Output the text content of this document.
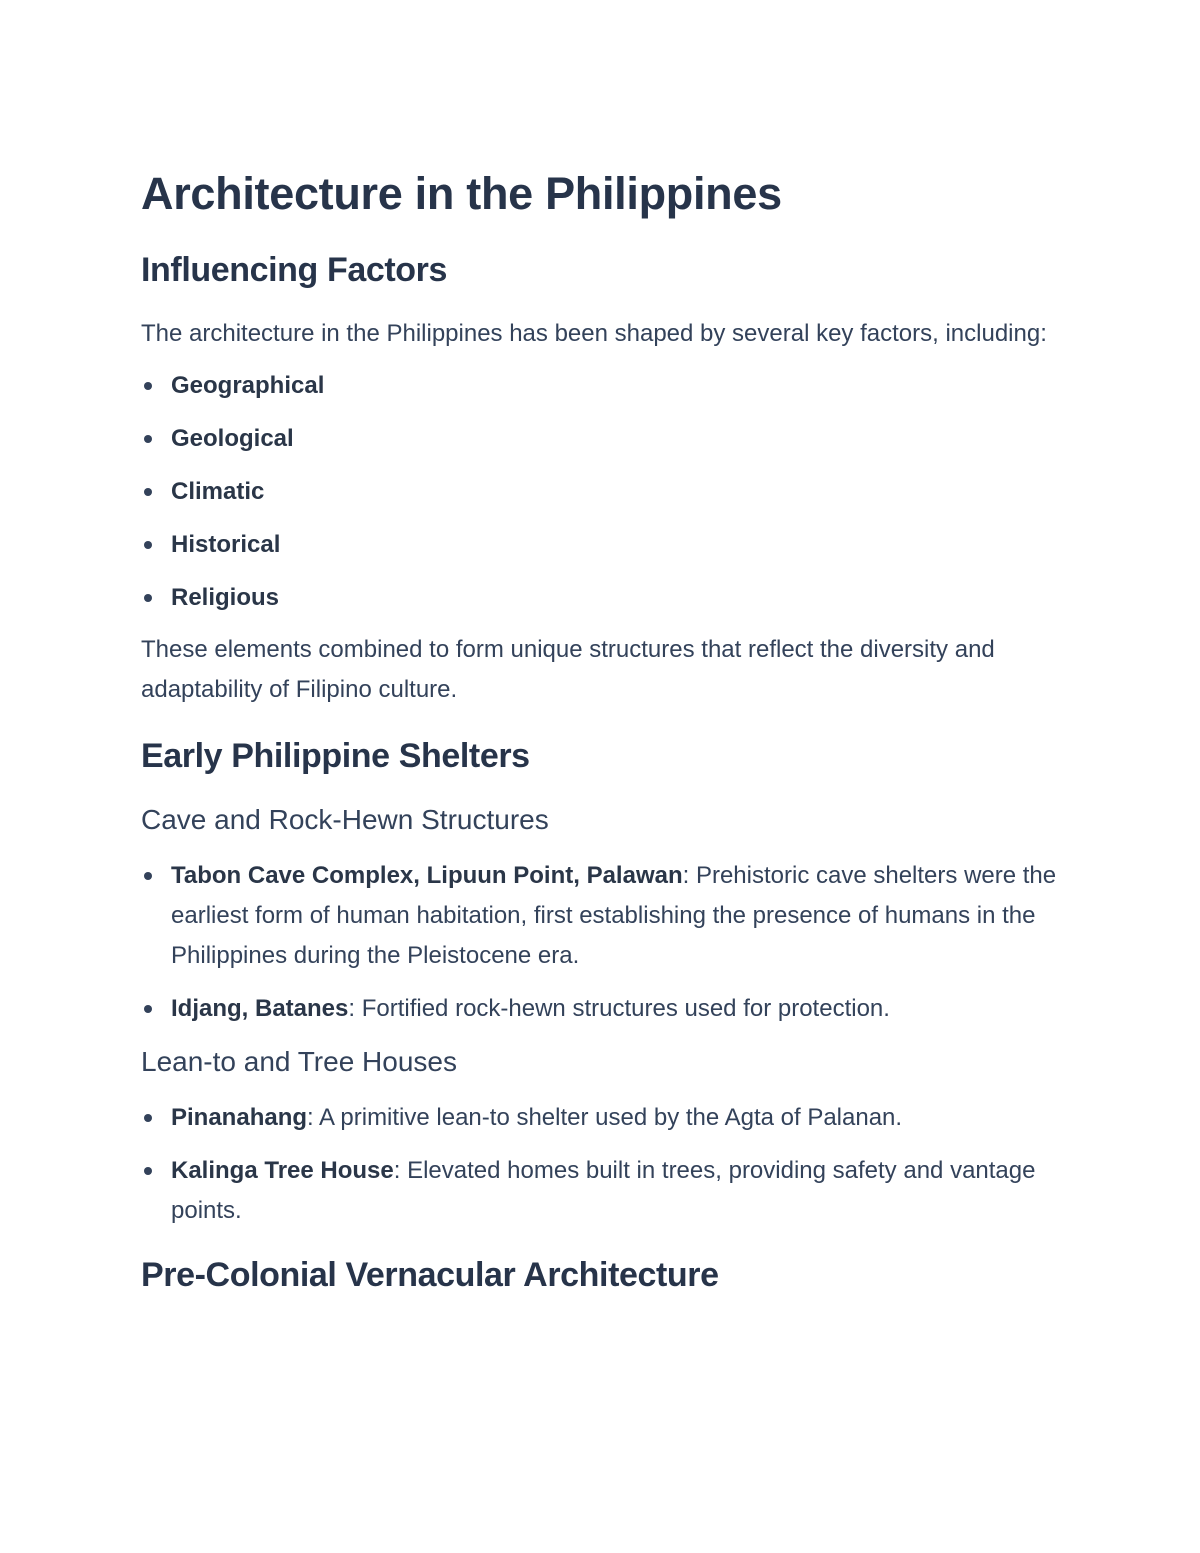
Architecture in the Philippines
Influencing Factors

The architecture in the Philippines has been shaped by several key factors, including:

Geographical
Geological
Climatic
Historical
Religious

These elements combined to form unique structures that reflect the diversity and adaptability of Filipino culture.

Early Philippine Shelters
Cave and Rock-Hewn Structures
Tabon Cave Complex, Lipuun Point, Palawan: Prehistoric cave shelters were the earliest form of human habitation, first establishing the presence of humans in the Philippines during the Pleistocene era.
Idjang, Batanes: Fortified rock-hewn structures used for protection.
Lean-to and Tree Houses
Pinanahang: A primitive lean-to shelter used by the Agta of Palanan.
Kalinga Tree House: Elevated homes built in trees, providing safety and vantage points.
Pre-Colonial Vernacular Architecture
